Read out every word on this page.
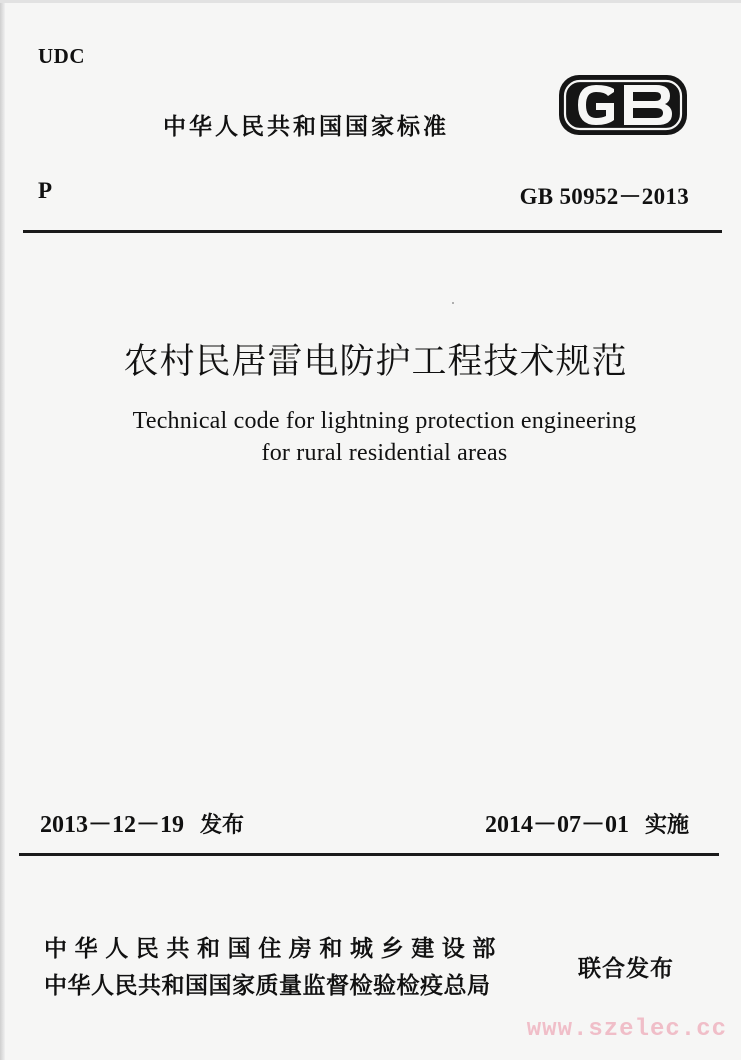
UDC
中华人民共和国国家标准
P	GB 50952－2013
农村民居雷电防护工程技术规范
Technical code for lightning protection engineering
for rural residential areas
2013－12－19 发布	2014－07－01 实施
中华人民共和国住房和城乡建设部
中华人民共和国国家质量监督检验检疫总局
联合发布
www.szelec.cc
